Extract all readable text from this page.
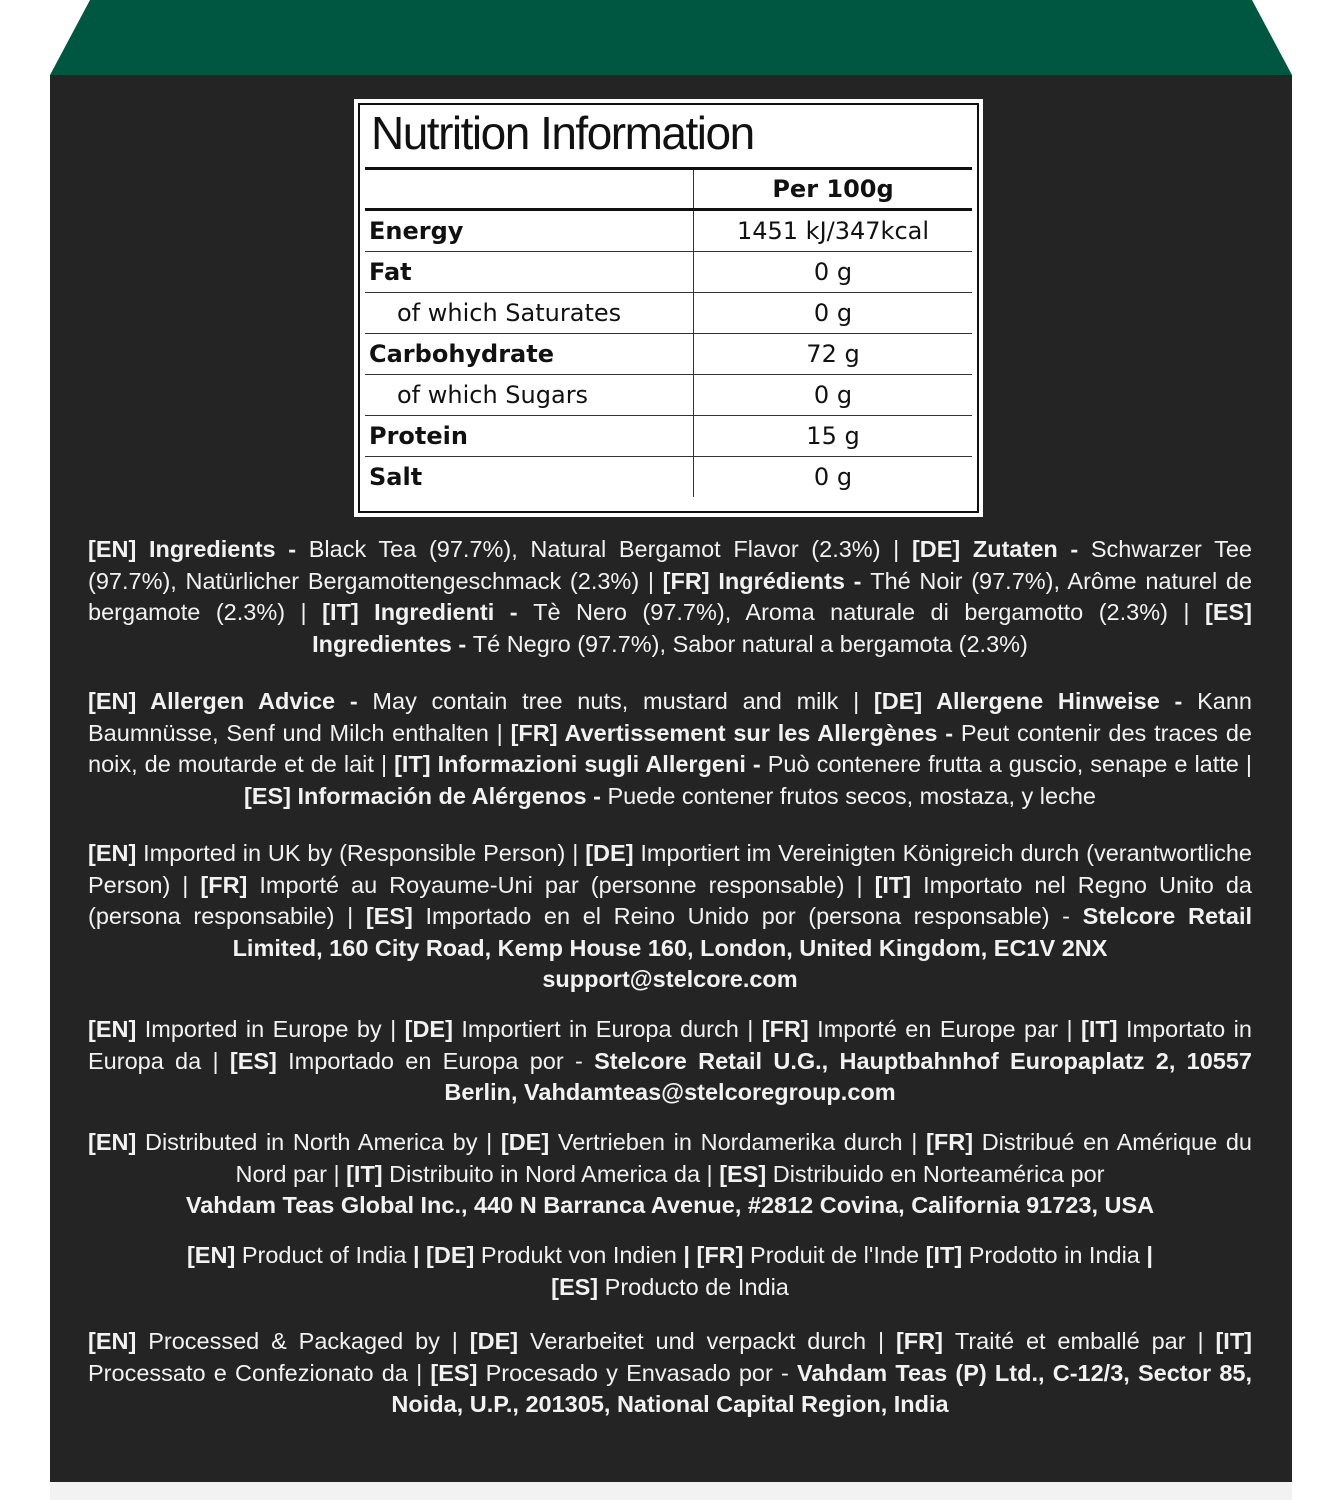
Nutrition Information
	Per 100g
Energy	1451 kJ/347kcal
Fat	0 g
of which Saturates	0 g
Carbohydrate	72 g
of which Sugars	0 g
Protein	15 g
Salt	0 g
[EN] Ingredients - Black Tea (97.7%), Natural Bergamot Flavor (2.3%) | [DE] Zutaten - Schwarzer Tee (97.7%), Natürlicher Bergamottengeschmack (2.3%) | [FR] Ingrédients - Thé Noir (97.7%), Arôme naturel de bergamote (2.3%) | [IT] Ingredienti - Tè Nero (97.7%), Aroma naturale di bergamotto (2.3%) | [ES] Ingredientes - Té Negro (97.7%), Sabor natural a bergamota (2.3%)
[EN] Allergen Advice - May contain tree nuts, mustard and milk | [DE] Allergene Hinweise - Kann Baumnüsse, Senf und Milch enthalten | [FR] Avertissement sur les Allergènes - Peut contenir des traces de noix, de moutarde et de lait | [IT] Informazioni sugli Allergeni - Può contenere frutta a guscio, senape e latte | [ES] Información de Alérgenos - Puede contener frutos secos, mostaza, y leche
[EN] Imported in UK by (Responsible Person) | [DE] Importiert im Vereinigten Königreich durch (verantwortliche Person) | [FR] Importé au Royaume-Uni par (personne responsable) | [IT] Importato nel Regno Unito da (persona responsabile) | [ES] Importado en el Reino Unido por (persona responsable) - Stelcore Retail Limited, 160 City Road, Kemp House 160, London, United Kingdom, EC1V 2NX
support@stelcore.com
[EN] Imported in Europe by | [DE] Importiert in Europa durch | [FR] Importé en Europe par | [IT] Importato in Europa da | [ES] Importado en Europa por - Stelcore Retail U.G., Hauptbahnhof Europaplatz 2, 10557 Berlin, Vahdamteas@stelcoregroup.com
[EN] Distributed in North America by | [DE] Vertrieben in Nordamerika durch | [FR] Distribué en Amérique du Nord par | [IT] Distribuito in Nord America da | [ES] Distribuido en Norteamérica por
Vahdam Teas Global Inc., 440 N Barranca Avenue, #2812 Covina, California 91723, USA
[EN] Product of India | [DE] Produkt von Indien | [FR] Produit de l'Inde [IT] Prodotto in India |
[ES] Producto de India
[EN] Processed & Packaged by | [DE] Verarbeitet und verpackt durch | [FR] Traité et emballé par | [IT] Processato e Confezionato da | [ES] Procesado y Envasado por - Vahdam Teas (P) Ltd., C-12/3, Sector 85, Noida, U.P., 201305, National Capital Region, India
